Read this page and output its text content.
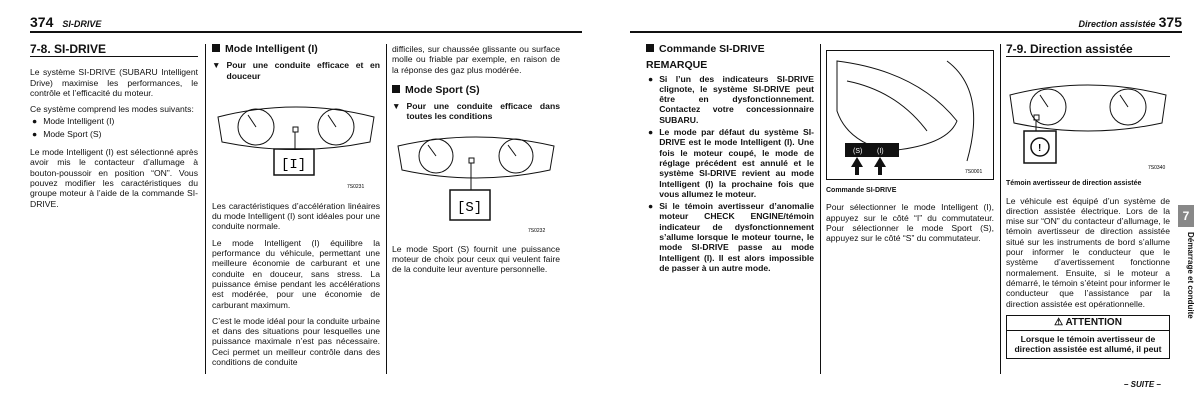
374 SI-DRIVE
7-8. SI-DRIVE

Le système SI-DRIVE (SUBARU Intelligent Drive) maximise les performances, le contrôle et l’efficacité du moteur.

Ce système comprend les modes suivants:
● Mode Intelligent (I)
● Mode Sport (S)

Le mode Intelligent (I) est sélectionné après avoir mis le contacteur d’allumage à bouton-poussoir en position “ON”. Vous pouvez modifier les caractéristiques du groupe moteur à l’aide de la commande SI-DRIVE.

Mode Intelligent (I)
▼ Pour une conduite efficace et en douceur
[I]
7S0231

Les caractéristiques d’accélération linéaires du mode Intelligent (I) sont idéales pour une conduite normale.

Le mode Intelligent (I) équilibre la performance du véhicule, permettant une meilleure économie de carburant et une conduite en douceur, sans stress. La puissance émise pendant les accélérations est modérée, pour une économie de carburant maximum.

C’est le mode idéal pour la conduite urbaine et dans des situations pour lesquelles une puissance maximale n’est pas nécessaire. Ceci permet un meilleur contrôle dans des conditions de conduite

difficiles, sur chaussée glissante ou surface molle ou friable par exemple, en raison de la réponse des gaz plus modérée.

Mode Sport (S)
▼ Pour une conduite efficace dans toutes les conditions
[S]
7S0232

Le mode Sport (S) fournit une puissance moteur de choix pour ceux qui veulent faire de la conduite leur aventure personnelle.

Direction assistée 375
Commande SI-DRIVE
REMARQUE
● Si l’un des indicateurs SI-DRIVE clignote, le système SI-DRIVE peut être en dysfonctionnement. Contactez votre concessionnaire SUBARU.
● Le mode par défaut du système SI-DRIVE est le mode Intelligent (I). Une fois le moteur coupé, le mode de réglage précédent est annulé et le système SI-DRIVE revient au mode Intelligent (I) la prochaine fois que vous allumez le moteur.
● Si le témoin avertisseur d’anomalie moteur CHECK ENGINE/témoin indicateur de dysfonctionnement s’allume lorsque le moteur tourne, le mode SI-DRIVE passe au mode Intelligent (I). Il est alors impossible de passer à un autre mode.
(S) (I)
7S0001
Commande SI-DRIVE

Pour sélectionner le mode Intelligent (I), appuyez sur le côté “I” du commutateur. Pour sélectionner le mode Sport (S), appuyez sur le côté “S” du commutateur.

7-9. Direction assistée
!
7S0340
Témoin avertisseur de direction assistée

Le véhicule est équipé d’un système de direction assistée électrique. Lors de la mise sur “ON” du contacteur d’allumage, le témoin avertisseur de direction assistée situé sur les instruments de bord s’allume pour informer le conducteur que le système d’avertissement fonctionne normalement. Ensuite, si le moteur a démarré, le témoin s’éteint pour informer le conducteur que l’assistance par la direction assistée est opérationnelle.

⚠ ATTENTION
Lorsque le témoin avertisseur de direction assistée est allumé, il peut
7
Démarrage et conduite
– SUITE –
